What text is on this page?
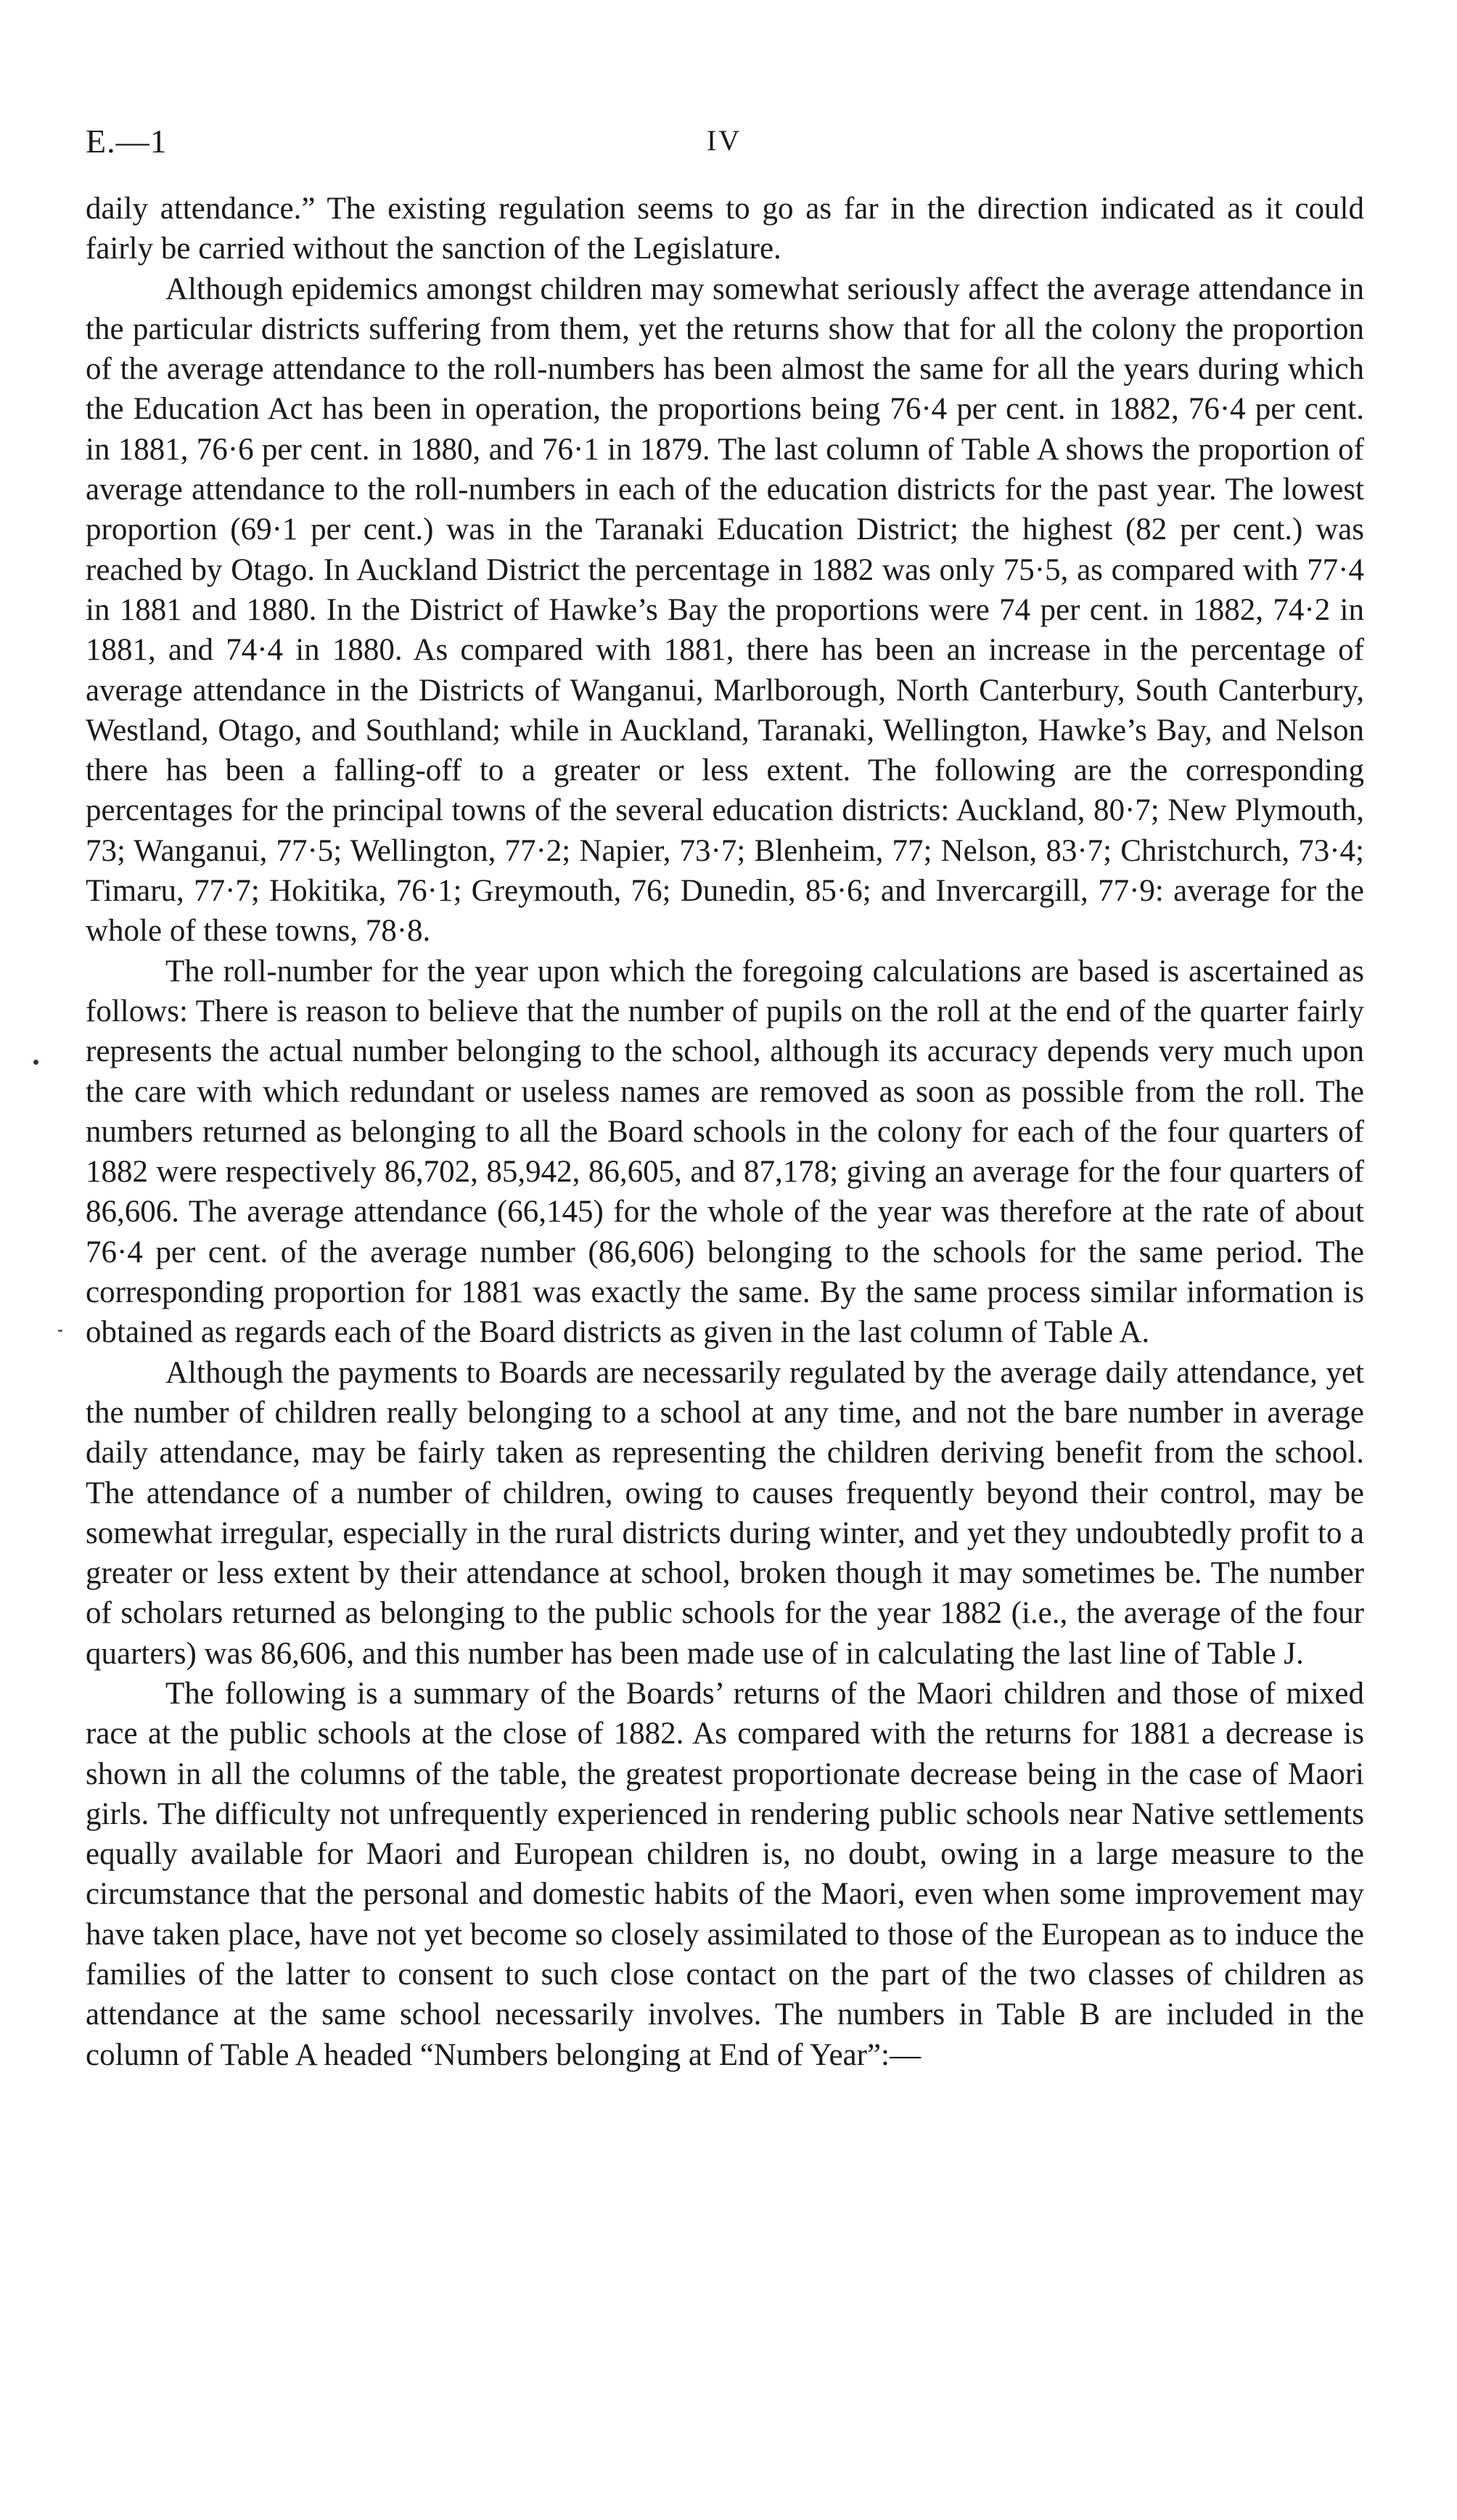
E.—1	IV

daily attendance.” The existing regulation seems to go as far in the direction indicated as it could fairly be carried without the sanction of the Legislature.

Although epidemics amongst children may somewhat seriously affect the average attendance in the particular districts suffering from them, yet the returns show that for all the colony the proportion of the average attendance to the roll-numbers has been almost the same for all the years during which the Education Act has been in operation, the proportions being 76·4 per cent. in 1882, 76·4 per cent. in 1881, 76·6 per cent. in 1880, and 76·1 in 1879. The last column of Table A shows the proportion of average attendance to the roll-numbers in each of the education districts for the past year. The lowest proportion (69·1 per cent.) was in the Taranaki Education District; the highest (82 per cent.) was reached by Otago. In Auckland District the percentage in 1882 was only 75·5, as compared with 77·4 in 1881 and 1880. In the District of Hawke’s Bay the proportions were 74 per cent. in 1882, 74·2 in 1881, and 74·4 in 1880. As compared with 1881, there has been an increase in the percentage of average attendance in the Districts of Wanganui, Marlborough, North Canterbury, South Canterbury, Westland, Otago, and Southland; while in Auckland, Taranaki, Wellington, Hawke’s Bay, and Nelson there has been a falling-off to a greater or less extent. The following are the corresponding percentages for the principal towns of the several education districts: Auckland, 80·7; New Plymouth, 73; Wanganui, 77·5; Wellington, 77·2; Napier, 73·7; Blenheim, 77; Nelson, 83·7; Christchurch, 73·4; Timaru, 77·7; Hokitika, 76·1; Greymouth, 76; Dunedin, 85·6; and Invercargill, 77·9: average for the whole of these towns, 78·8.

The roll-number for the year upon which the foregoing calculations are based is ascertained as follows: There is reason to believe that the number of pupils on the roll at the end of the quarter fairly represents the actual number belonging to the school, although its accuracy depends very much upon the care with which redundant or useless names are removed as soon as possible from the roll. The numbers returned as belonging to all the Board schools in the colony for each of the four quarters of 1882 were respectively 86,702, 85,942, 86,605, and 87,178; giving an average for the four quarters of 86,606. The average attendance (66,145) for the whole of the year was therefore at the rate of about 76·4 per cent. of the average number (86,606) belonging to the schools for the same period. The corresponding proportion for 1881 was exactly the same. By the same process similar information is obtained as regards each of the Board districts as given in the last column of Table A.

Although the payments to Boards are necessarily regulated by the average daily attendance, yet the number of children really belonging to a school at any time, and not the bare number in average daily attendance, may be fairly taken as representing the children deriving benefit from the school. The attendance of a number of children, owing to causes frequently beyond their control, may be somewhat irregular, especially in the rural districts during winter, and yet they undoubtedly profit to a greater or less extent by their attendance at school, broken though it may sometimes be. The number of scholars returned as belonging to the public schools for the year 1882 (i.e., the average of the four quarters) was 86,606, and this number has been made use of in calculating the last line of Table J.

The following is a summary of the Boards’ returns of the Maori children and those of mixed race at the public schools at the close of 1882. As compared with the returns for 1881 a decrease is shown in all the columns of the table, the greatest proportionate decrease being in the case of Maori girls. The difficulty not unfrequently experienced in rendering public schools near Native settlements equally available for Maori and European children is, no doubt, owing in a large measure to the circumstance that the personal and domestic habits of the Maori, even when some improvement may have taken place, have not yet become so closely assimilated to those of the European as to induce the families of the latter to consent to such close contact on the part of the two classes of children as attendance at the same school necessarily involves. The numbers in Table B are included in the column of Table A headed “Numbers belonging at End of Year”:—
